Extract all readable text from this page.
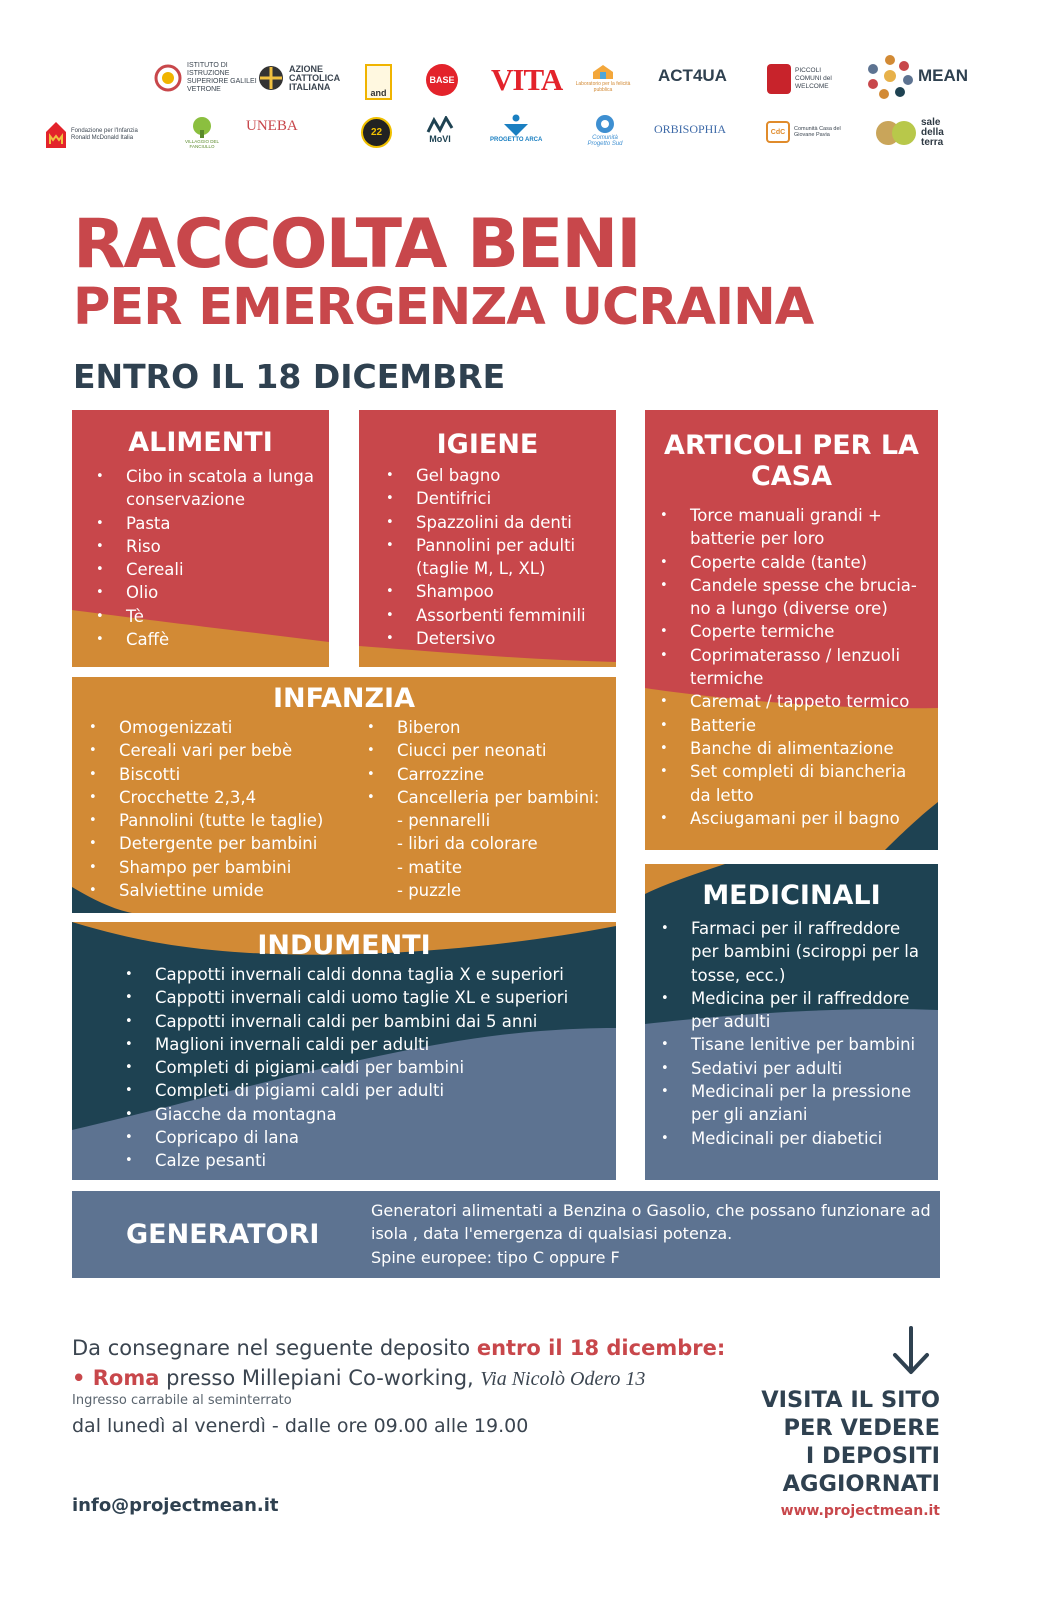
ISTITUTO DI ISTRUZIONE SUPERIORE GALILEI VETRONE
AZIONE CATTOLICA ITALIANA
and
BASE VITA	Laboratorio per la felicità pubblica
ACT4UA	PICCOLI COMUNI del WELCOME
MEAN
Fondazione per l'Infanzia Ronald McDonald Italia
VILLAGGIO DEL FANCIULLO
UNEBA
	22
MoVI	PROGETTO ARCA	Comunità Progetto Sud
ORBISOPHIA	CdC	Comunità Casa del Giovane Pavia
sale della terra
RACCOLTA BENI
PER EMERGENZA UCRAINA
ENTRO IL 18 DICEMBRE
ALIMENTI
• Cibo in scatola a lunga conservazione
• Pasta
• Riso
• Cereali
• Olio
• Tè
• Caffè
IGIENE
• Gel bagno
• Dentifrici
• Spazzolini da denti
• Pannolini per adulti (taglie M, L, XL)
• Shampoo
• Assorbenti femminili
• Detersivo
ARTICOLI PER LA CASA
• Torce manuali grandi + batterie per loro
• Coperte calde (tante)
• Candele spesse che brucia-no a lungo (diverse ore)
• Coperte termiche
• Coprimaterasso / lenzuoli termiche
• Caremat / tappeto termico
• Batterie
• Banche di alimentazione
• Set completi di biancheria da letto
• Asciugamani per il bagno
INFANZIA
• Omogenizzati
• Cereali vari per bebè
• Biscotti
• Crocchette 2,3,4
• Pannolini (tutte le taglie)
• Detergente per bambini
• Shampo per bambini
• Salviettine umide
• Biberon
• Ciucci per neonati
• Carrozzine
• Cancelleria per bambini:
- pennarelli
- libri da colorare
- matite
- puzzle	MEDICINALI
• Farmaci per il raffreddore per bambini (sciroppi per la tosse, ecc.)
• Medicina per il raffreddore per adulti
• Tisane lenitive per bambini
• Sedativi per adulti
• Medicinali per la pressione per gli anziani
• Medicinali per diabetici
INDUMENTI
• Cappotti invernali caldi donna taglia X e superiori
• Cappotti invernali caldi uomo taglie XL e superiori
• Cappotti invernali caldi per bambini dai 5 anni
• Maglioni invernali caldi per adulti
• Completi di pigiami caldi per bambini
• Completi di pigiami caldi per adulti
• Giacche da montagna
• Copricapo di lana
• Calze pesanti
GENERATORI
Generatori alimentati a Benzina o Gasolio, che possano funzionare ad isola , data l'emergenza di qualsiasi potenza.
Spine europee: tipo C oppure F
Da consegnare nel seguente deposito entro il 18 dicembre:
• Roma presso Millepiani Co-working, Via Nicolò Odero 13
Ingresso carrabile al seminterrato
dal lunedì al venerdì - dalle ore 09.00 alle 19.00
info@projectmean.it
VISITA IL SITO
PER VEDERE
I DEPOSITI
AGGIORNATI
www.projectmean.it
